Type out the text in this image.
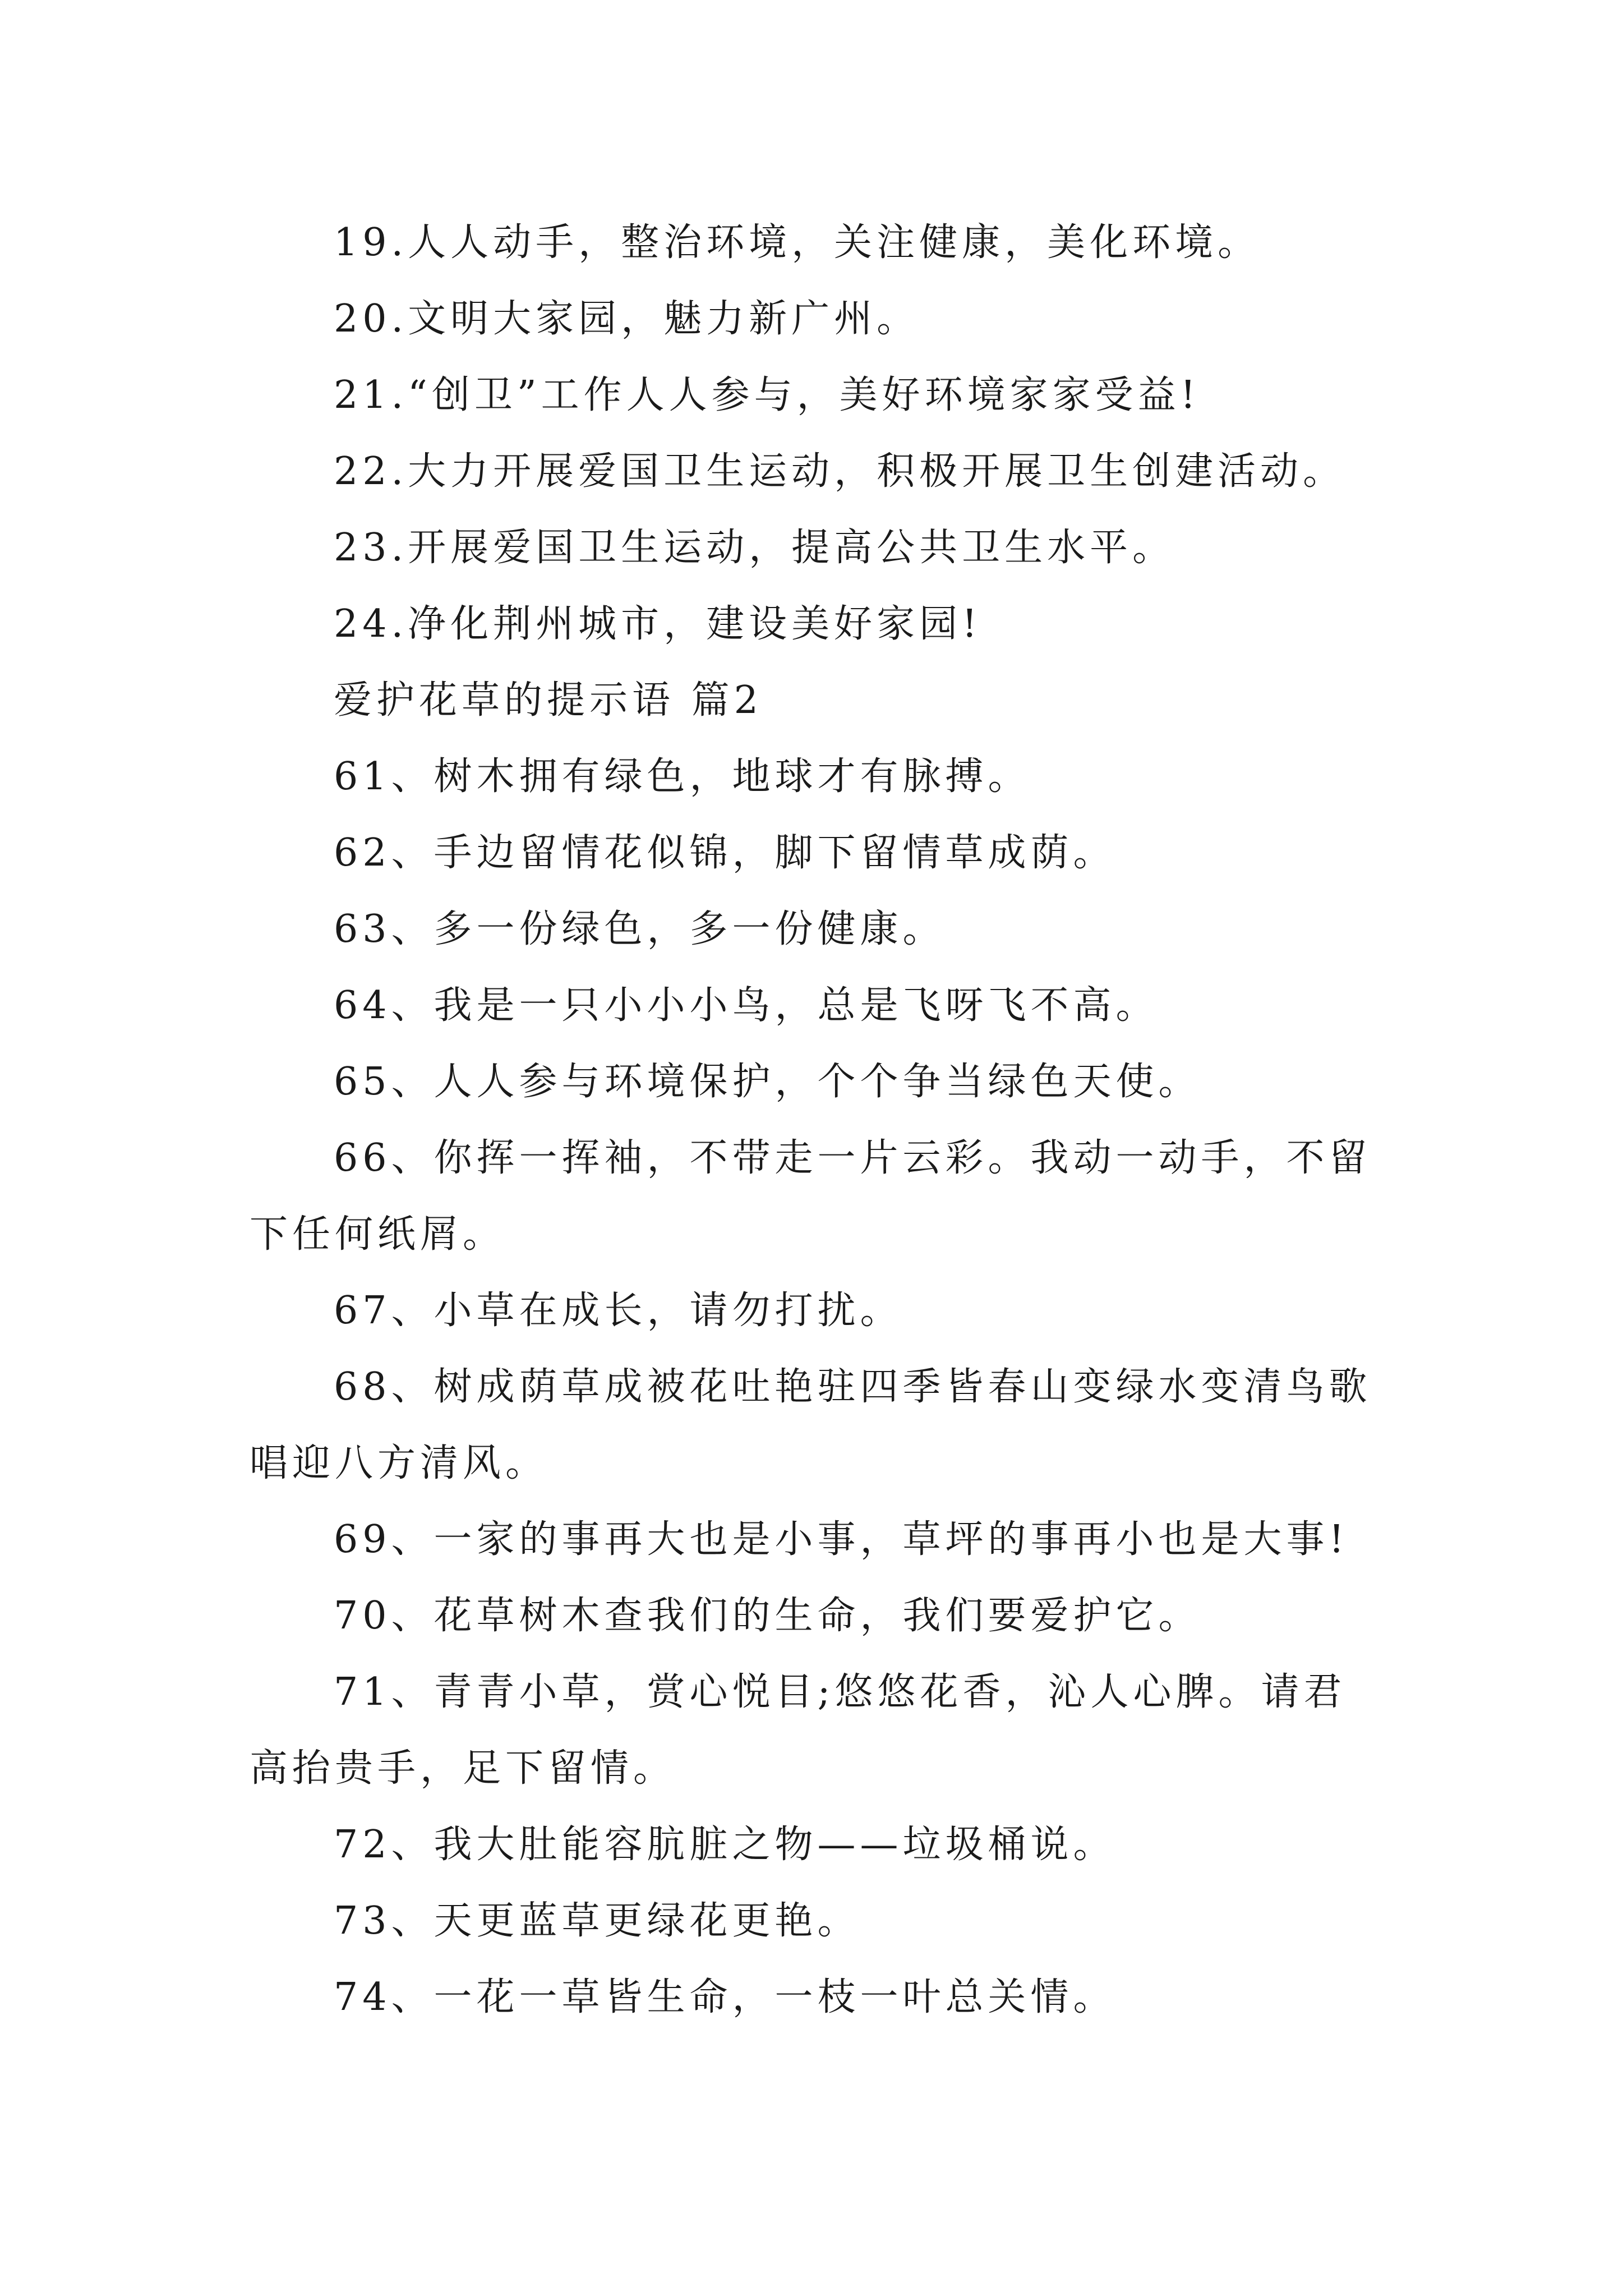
19.人人动手，整治环境，关注健康，美化环境。

20.文明大家园，魅力新广州。

21.“创卫”工作人人参与，美好环境家家受益!

22.大力开展爱国卫生运动，积极开展卫生创建活动。

23.开展爱国卫生运动，提高公共卫生水平。

24.净化荆州城市，建设美好家园!

爱护花草的提示语 篇2

61、树木拥有绿色，地球才有脉搏。

62、手边留情花似锦，脚下留情草成荫。

63、多一份绿色，多一份健康。

64、我是一只小小小鸟，总是飞呀飞不高。

65、人人参与环境保护，个个争当绿色天使。

66、你挥一挥袖，不带走一片云彩。我动一动手，不留下任何纸屑。

67、小草在成长，请勿打扰。

68、树成荫草成被花吐艳驻四季皆春山变绿水变清鸟歌唱迎八方清风。

69、一家的事再大也是小事，草坪的事再小也是大事!

70、花草树木查我们的生命，我们要爱护它。

71、青青小草，赏心悦目;悠悠花香，沁人心脾。请君高抬贵手，足下留情。

72、我大肚能容肮脏之物——垃圾桶说。

73、天更蓝草更绿花更艳。

74、一花一草皆生命，一枝一叶总关情。
